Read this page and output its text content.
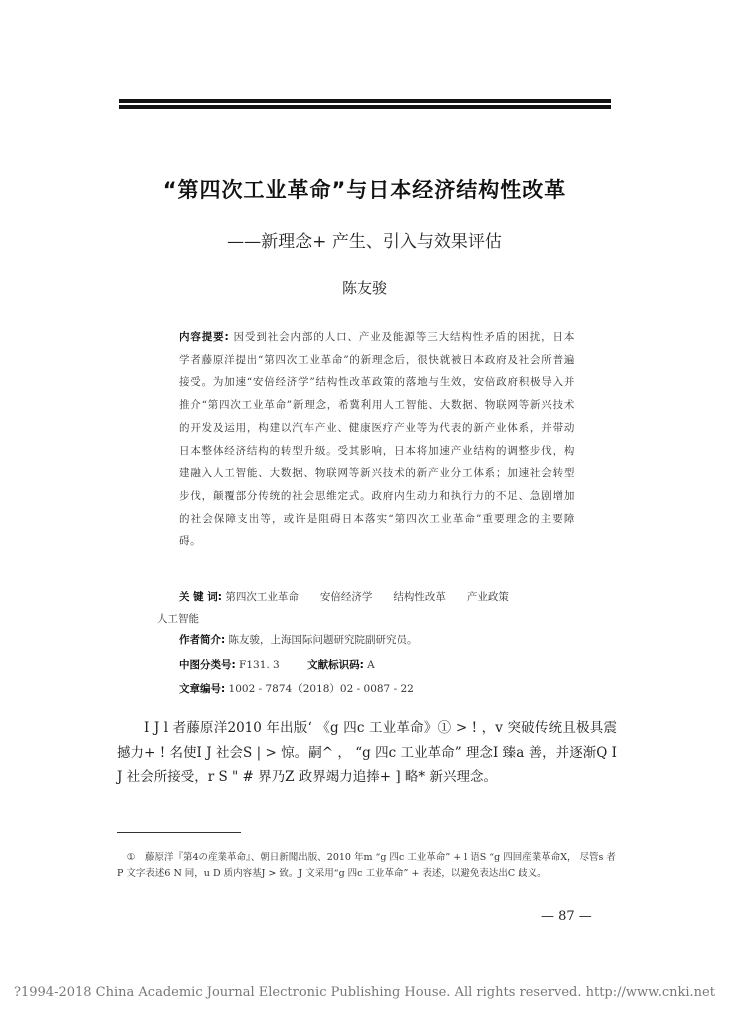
“第四次工业革命”与日本经济结构性改革
——新理念+ 产生、引入与效果评估
陈友骏
内容提要: 因受到社会内部的人口、产业及能源等三大结构性矛盾的困扰，日本学者藤原洋提出“第四次工业革命”的新理念后，很快就被日本政府及社会所普遍接受。为加速“安倍经济学”结构性改革政策的落地与生效，安倍政府积极导入并推介“第四次工业革命”新理念，希冀利用人工智能、大数据、物联网等新兴技术的开发及运用，构建以汽车产业、健康医疗产业等为代表的新产业体系，并带动日本整体经济结构的转型升级。受其影响，日本将加速产业结构的调整步伐，构建融入人工智能、大数据、物联网等新兴技术的新产业分工体系；加速社会转型步伐，颠覆部分传统的社会思维定式。政府内生动力和执行力的不足、急剧增加的社会保障支出等，或许是阻碍日本落实“第四次工业革命”重要理念的主要障碍。
关 键 词: 第四次工业革命　　安倍经济学　　结构性改革　　产业政策
人工智能
作者简介: 陈友骏，上海国际问题研究院副研究员。
中图分类号: F131. 3	文献标识码: A
文章编号: 1002 - 7874（2018）02 - 0087 - 22
I J l 者藤原洋2010 年出版‘ 《g 四c 工业革命》① > ! ，v 突破传统且极具震撼力+ ! 名使I J 社会S | > 惊。嗣^ ， “g 四c 工业革命” 理念I 臻a 善，并逐渐Q I J 社会所接受，r S " # 界乃Z 政界竭力追捧+ ] 略* 新兴理念。
① 藤原洋『第4の産業革命』、朝日新聞出版、2010 年m “g 四c 工业革命” + l 语S “g 四回産業革命X， 尽管s 者P 文字表述6 N 同，u D 质内容基J > 致。J 文采用“g 四c 工业革命” + 表述，以避免表达出C 歧义。
— 87 —
?1994-2018 China Academic Journal Electronic Publishing House. All rights reserved. http://www.cnki.net
